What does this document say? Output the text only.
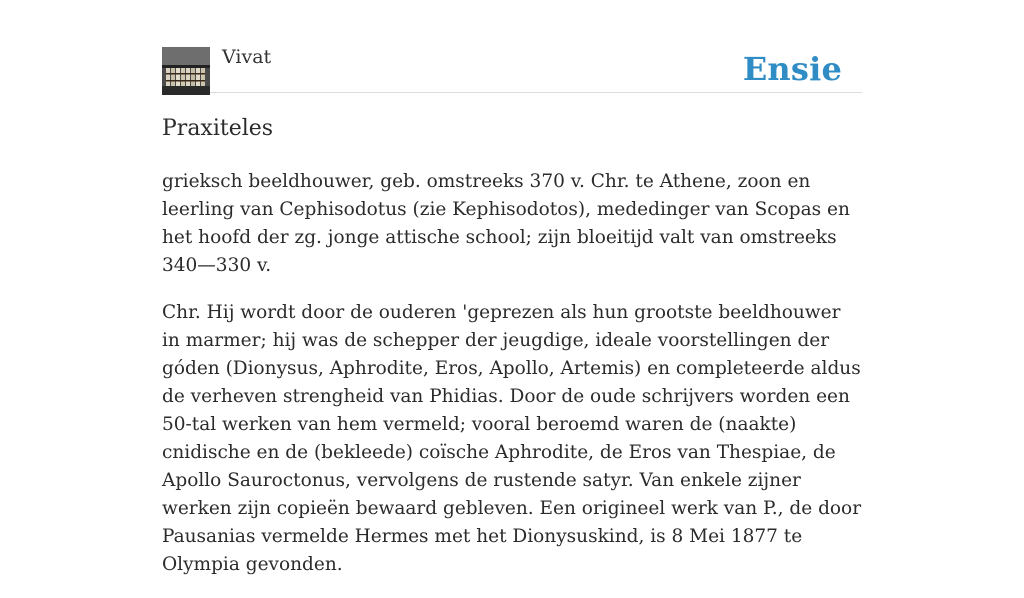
Vivat	Ensie
Praxiteles

grieksch beeldhouwer, geb. omstreeks 370 v. Chr. te Athene, zoon en leerling van Cephisodotus (zie Kephisodotos), mededinger van Scopas en het hoofd der zg. jonge attische school; zijn bloeitijd valt van omstreeks 340—330 v.

Chr. Hij wordt door de ouderen 'geprezen als hun grootste beeldhouwer in marmer; hij was de schepper der jeugdige, ideale voorstellingen der góden (Dionysus, Aphrodite, Eros, Apollo, Artemis) en completeerde aldus de verheven strengheid van Phidias. Door de oude schrijvers worden een 50-tal werken van hem vermeld; vooral beroemd waren de (naakte) cnidische en de (bekleede) coïsche Aphrodite, de Eros van Thespiae, de Apollo Sauroctonus, vervolgens de rustende satyr. Van enkele zijner werken zijn copieën bewaard gebleven. Een origineel werk van P., de door Pausanias vermelde Hermes met het Dionysuskind, is 8 Mei 1877 te Olympia gevonden.
